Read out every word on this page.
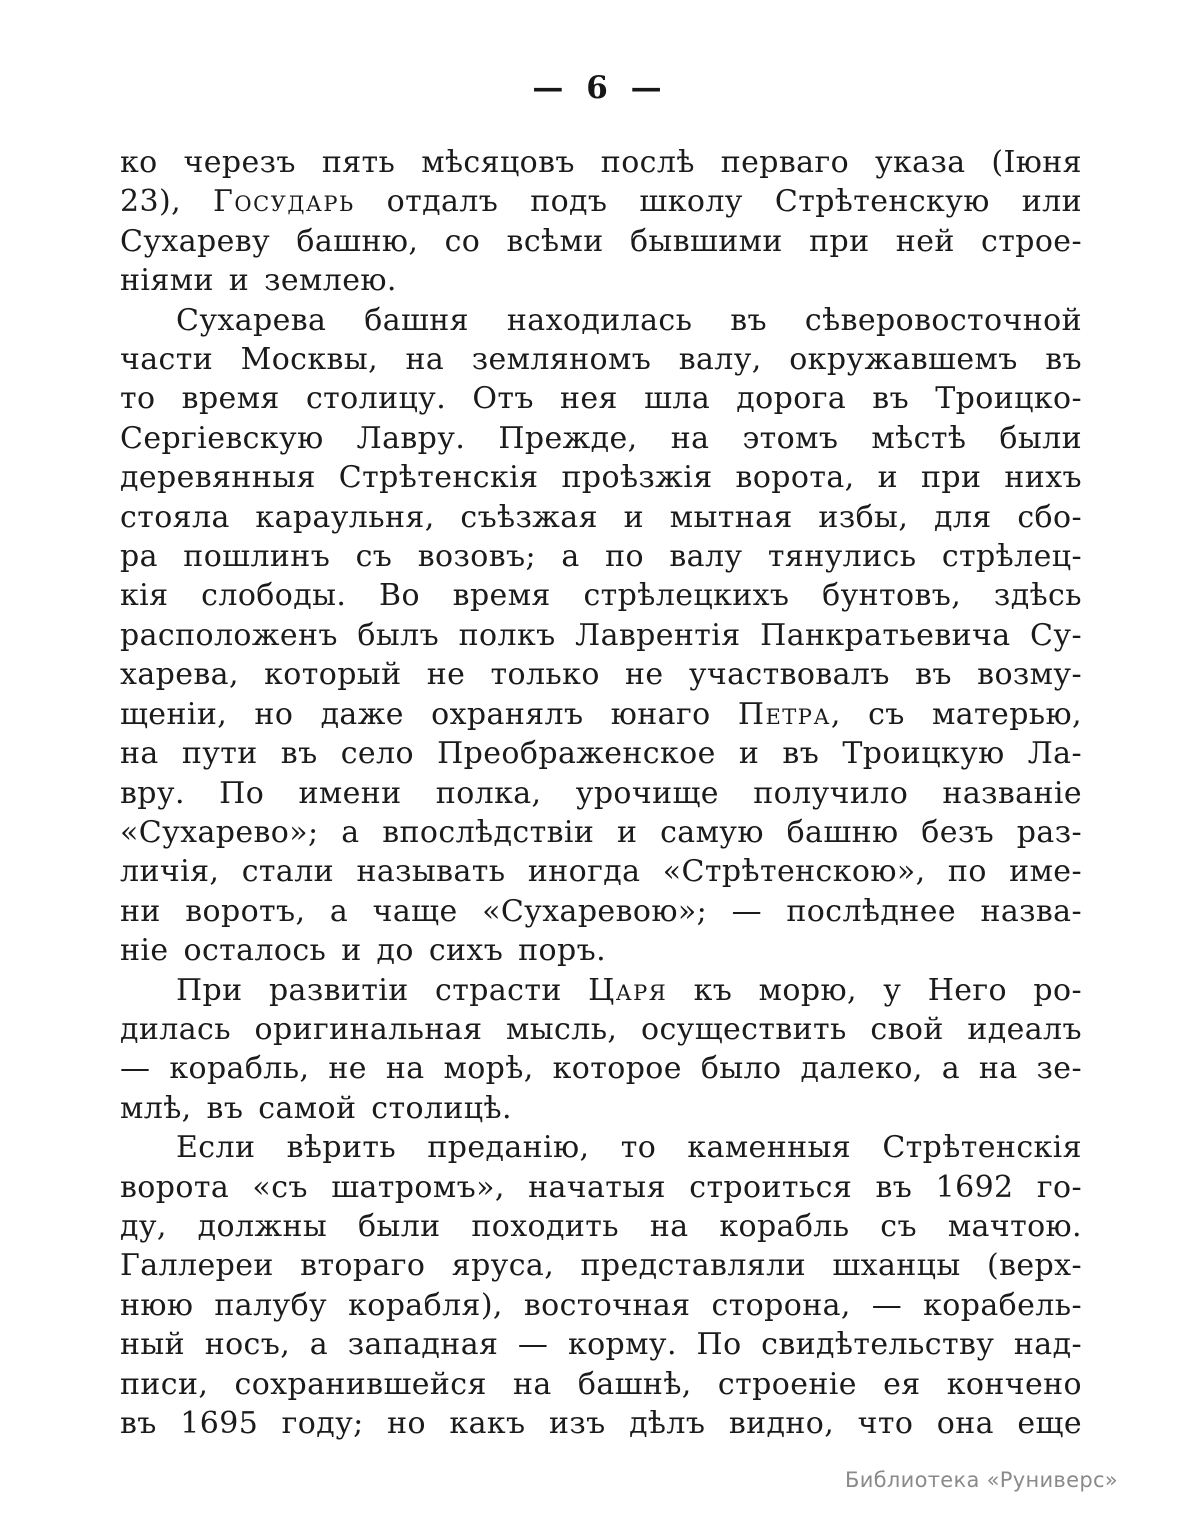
— 6 —
ко черезъ пять мѣсяцовъ послѣ перваго указа (Іюня
23), Государь отдалъ подъ школу Стрѣтенскую или
Сухареву башню, со всѣми бывшими при ней строе-
ніями и землею.
Сухарева башня находилась въ сѣверовосточной
части Москвы, на земляномъ валу, окружавшемъ въ
то время столицу. Отъ нея шла дорога въ Троицко-
Сергіевскую Лавру. Прежде, на этомъ мѣстѣ были
деревянныя Стрѣтенскія проѣзжія ворота, и при нихъ
стояла караульня, съѣзжая и мытная избы, для сбо-
ра пошлинъ съ возовъ; а по валу тянулись стрѣлец-
кія слободы. Во время стрѣлецкихъ бунтовъ, здѣсь
расположенъ былъ полкъ Лаврентія Панкратьевича Су-
харева, который не только не участвовалъ въ возму-
щеніи, но даже охранялъ юнаго Петра, съ матерью,
на пути въ село Преображенское и въ Троицкую Ла-
вру. По имени полка, урочище получило названіе
«Сухарево»; а впослѣдствіи и самую башню безъ раз-
личія, стали называть иногда «Стрѣтенскою», по име-
ни воротъ, а чаще «Сухаревою»; — послѣднее назва-
ніе осталось и до сихъ поръ.
При развитіи страсти Царя къ морю, у Него ро-
дилась оригинальная мысль, осуществить свой идеалъ
— корабль, не на морѣ, которое было далеко, а на зе-
млѣ, въ самой столицѣ.
Если вѣрить преданію, то каменныя Стрѣтенскія
ворота «съ шатромъ», начатыя строиться въ 1692 го-
ду, должны были походить на корабль съ мачтою.
Галлереи втораго яруса, представляли шханцы (верх-
нюю палубу корабля), восточная сторона, — корабель-
ный носъ, а западная — корму. По свидѣтельству над-
писи, сохранившейся на башнѣ, строеніе ея кончено
въ 1695 году; но какъ изъ дѣлъ видно, что она еще
Библиотека «Руниверс»
